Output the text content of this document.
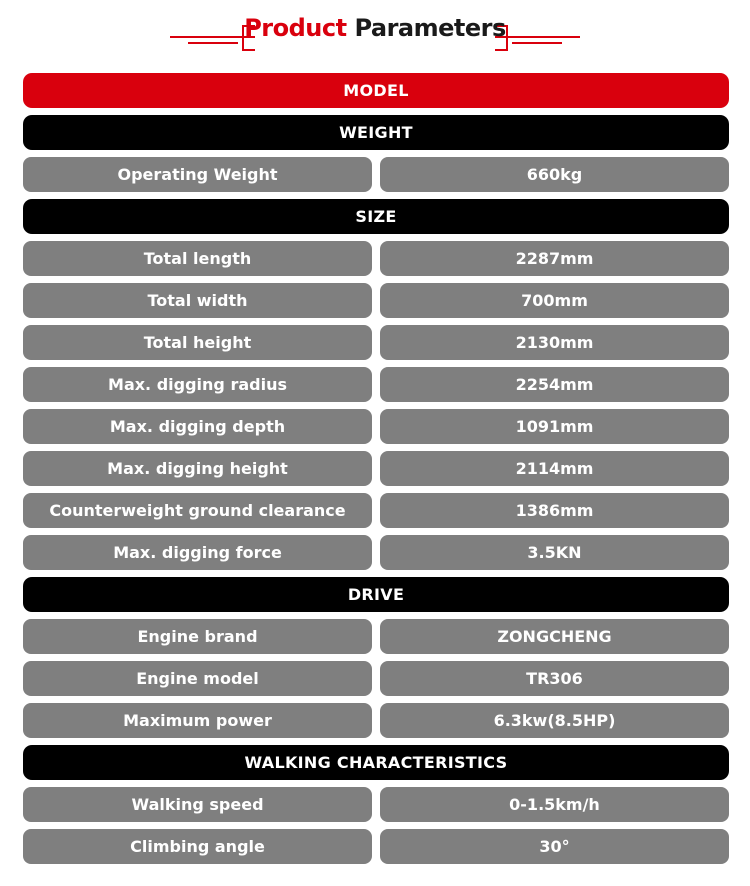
Product Parameters
MODEL
WEIGHT
Operating Weight	660kg
SIZE
Total length	2287mm
Total width	700mm
Total height	2130mm
Max. digging radius	2254mm
Max. digging depth	1091mm
Max. digging height	2114mm
Counterweight ground clearance	1386mm
Max. digging force	3.5KN
DRIVE
Engine brand	ZONGCHENG
Engine model	TR306
Maximum power	6.3kw(8.5HP)
WALKING CHARACTERISTICS
Walking speed	0-1.5km/h
Climbing angle	30°
